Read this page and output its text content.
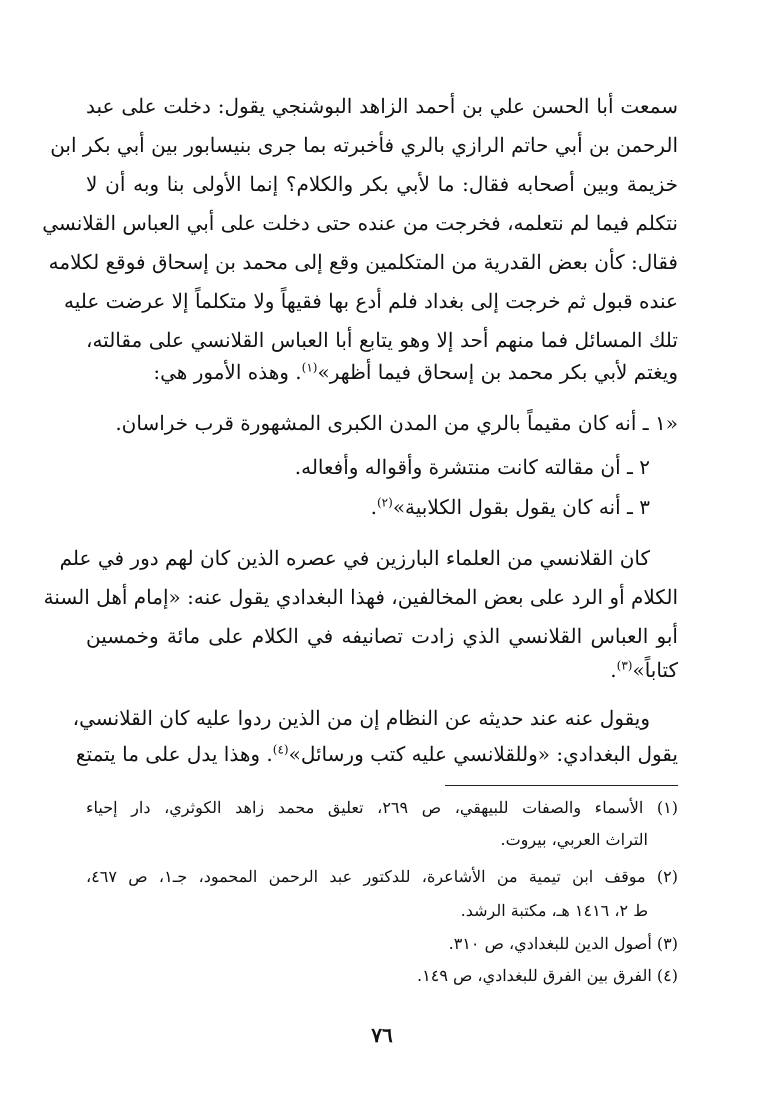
سمعت أبا الحسن علي بن أحمد الزاهد البوشنجي يقول: دخلت على عبد
الرحمن بن أبي حاتم الرازي بالري فأخبرته بما جرى بنيسابور بين أبي بكر ابن
خزيمة وبين أصحابه فقال: ما لأبي بكر والكلام؟ إنما الأولى بنا وبه أن لا
نتكلم فيما لم نتعلمه، فخرجت من عنده حتى دخلت على أبي العباس القلانسي
فقال: كأن بعض القدرية من المتكلمين وقع إلى محمد بن إسحاق فوقع لكلامه
عنده قبول ثم خرجت إلى بغداد فلم أدع بها فقيهاً ولا متكلماً إلا عرضت عليه
تلك المسائل فما منهم أحد إلا وهو يتابع أبا العباس القلانسي على مقالته،
ويغتم لأبي بكر محمد بن إسحاق فيما أظهر»$^{(١)}$. وهذه الأمور هي:
«١ ـ أنه كان مقيماً بالري من المدن الكبرى المشهورة قرب خراسان.
٢ ـ أن مقالته كانت منتشرة وأقواله وأفعاله.
٣ ـ أنه كان يقول بقول الكلابية»$^{(٢)}$.
كان القلانسي من العلماء البارزين في عصره الذين كان لهم دور في علم
الكلام أو الرد على بعض المخالفين، فهذا البغدادي يقول عنه: «إمام أهل السنة
أبو العباس القلانسي الذي زادت تصانيفه في الكلام على مائة وخمسين
كتاباً»$^{(٣)}$.
ويقول عنه عند حديثه عن النظام إن من الذين ردوا عليه كان القلانسي،
يقول البغدادي: «وللقلانسي عليه كتب ورسائل»$^{(٤)}$. وهذا يدل على ما يتمتع
(١) الأسماء والصفات للبيهقي، ص ٢٦٩، تعليق محمد زاهد الكوثري، دار إحياء
التراث العربي، بيروت.
(٢) موقف ابن تيمية من الأشاعرة، للدكتور عبد الرحمن المحمود، جـ١، ص ٤٦٧،
ط ٢، ١٤١٦ هـ، مكتبة الرشد.
(٣) أصول الدين للبغدادي، ص ٣١٠.
(٤) الفرق بين الفرق للبغدادي، ص ١٤٩.
٧٦
